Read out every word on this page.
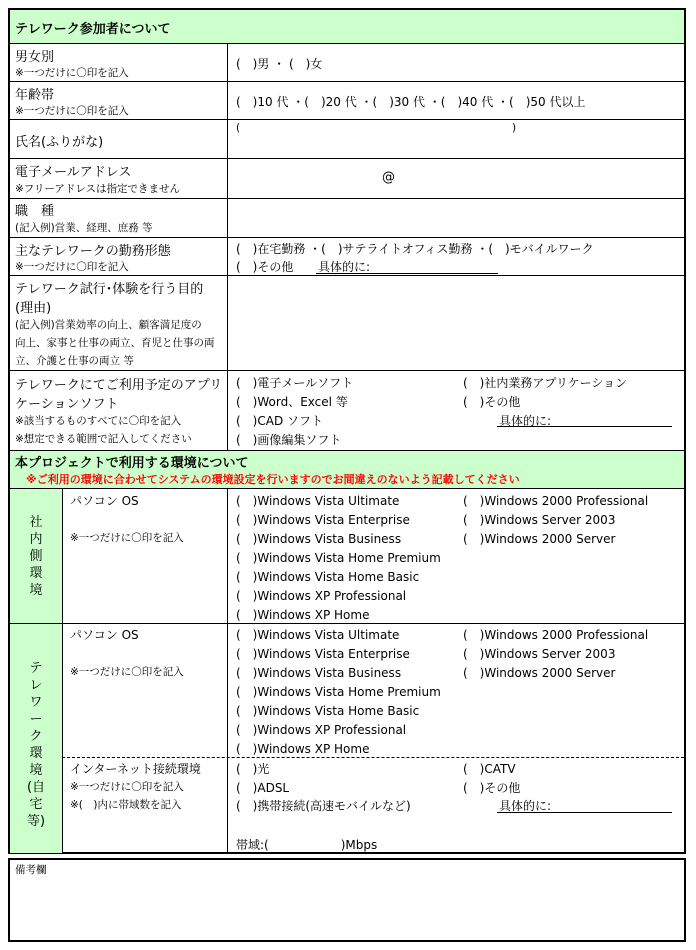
テレワーク参加者について
男女別
※一つだけに〇印を記入
(　)男 ・ (　)女
年齢帯
※一つだけに〇印を記入
(　)10 代 ・(　)20 代 ・(　)30 代 ・(　)40 代 ・(　)50 代以上
氏名(ふりがな)
(	)
電子メールアドレス
※フリーアドレスは指定できません
@
職　種
(記入例)営業、経理、庶務 等
主なテレワークの勤務形態
※一つだけに〇印を記入
(　)在宅勤務 ・(　)サテライトオフィス勤務 ・(　)モバイルワーク
(　)その他 具体的に:
テレワーク試行･体験を行う目的
(理由)
(記入例)営業効率の向上、顧客満足度の
向上、家事と仕事の両立、育児と仕事の両
立、介護と仕事の両立 等
テレワークにてご利用予定のアプリ
ケーションソフト
※該当するものすべてに〇印を記入
※想定できる範囲で記入してください
(　)電子メールソフト
(　)Word、Excel 等
(　)CAD ソフト
(　)画像編集ソフト
(　)社内業務アプリケーション
(　)その他
具体的に:
本プロジェクトで利用する環境について
※ご利用の環境に合わせてシステムの環境設定を行いますのでお間違えのないよう記載してください
社内側環境
パソコン OS
※一つだけに〇印を記入
(　)Windows Vista Ultimate
(　)Windows Vista Enterprise
(　)Windows Vista Business
(　)Windows Vista Home Premium
(　)Windows Vista Home Basic
(　)Windows XP Professional
(　)Windows XP Home
(　)Windows 2000 Professional
(　)Windows Server 2003
(　)Windows 2000 Server
テレワーク環境(自宅等)
パソコン OS
※一つだけに〇印を記入
(　)Windows Vista Ultimate
(　)Windows Vista Enterprise
(　)Windows Vista Business
(　)Windows Vista Home Premium
(　)Windows Vista Home Basic
(　)Windows XP Professional
(　)Windows XP Home
(　)Windows 2000 Professional
(　)Windows Server 2003
(　)Windows 2000 Server
インターネット接続環境
※一つだけに〇印を記入
※(　)内に帯域数を記入
(　)光
(　)ADSL
(　)携帯接続(高速モバイルなど)
(　)CATV
(　)その他
具体的に:
帯域:(　　　　　　)Mbps
備考欄
